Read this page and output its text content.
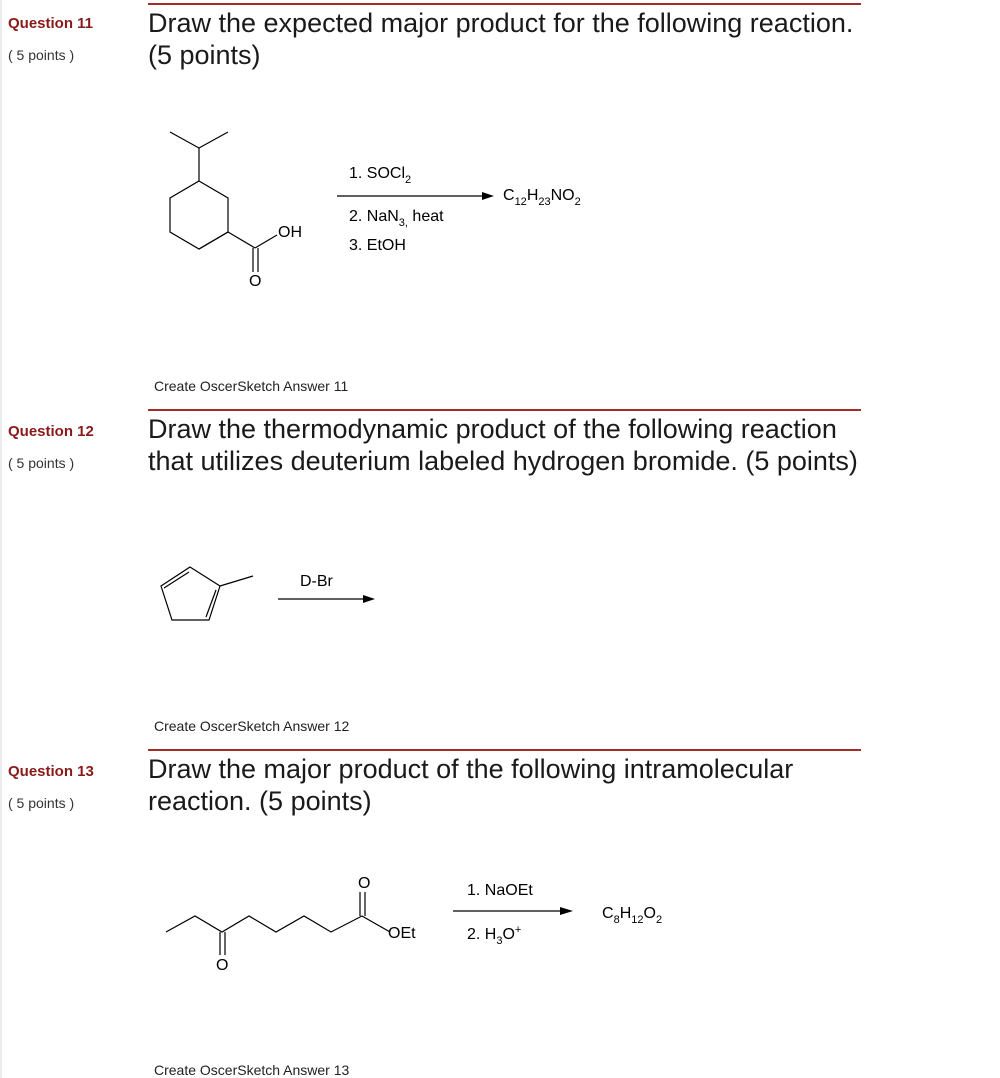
Question 11
( 5 points )
Draw the expected major product for the following reaction. (5 points)
OH
O
1. SOCl$_2$
2. NaN$_{3,}$ heat
3. EtOH
$C_{12}H_{23}NO_2$
Create OscerSketch Answer 11
Question 12
( 5 points )
Draw the thermodynamic product of the following reaction that utilizes deuterium labeled hydrogen bromide. (5 points)
D-Br
Create OscerSketch Answer 12
Question 13
( 5 points )
Draw the major product of the following intramolecular reaction. (5 points)
O
O
OEt
1. NaOEt
2. $H_3O^+$
$C_8H_{12}O_2$
Create OscerSketch Answer 13
